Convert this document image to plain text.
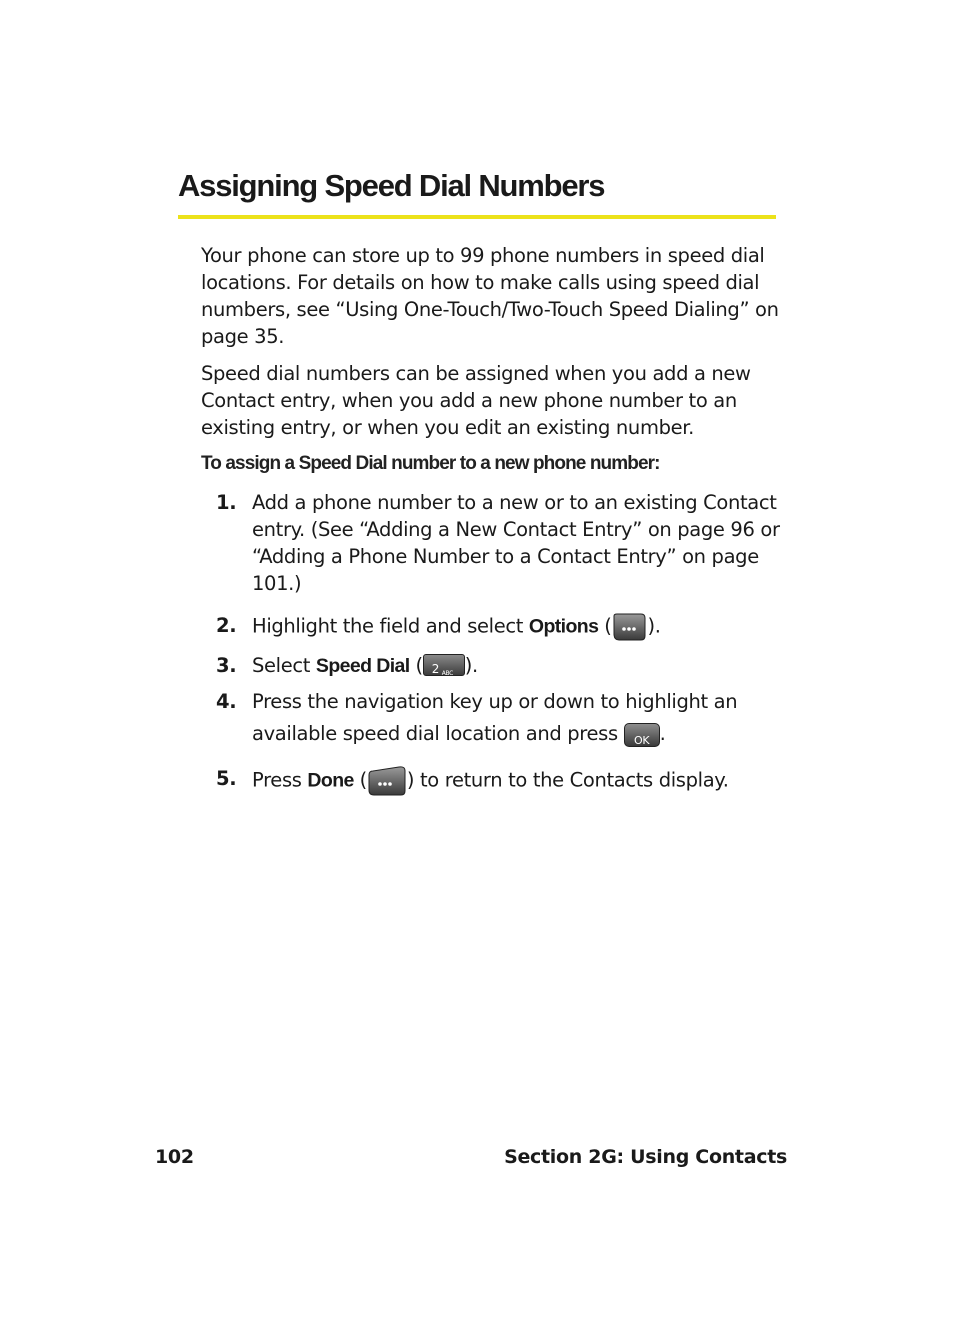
Assigning Speed Dial Numbers
Your phone can store up to 99 phone numbers in speed dial locations. For details on how to make calls using speed dial numbers, see “Using One-Touch/Two-Touch Speed Dialing” on page 35.
Speed dial numbers can be assigned when you add a new Contact entry, when you add a new phone number to an existing entry, or when you edit an existing number.
To assign a Speed Dial number to a new phone number:
1. Add a phone number to a new or to an existing Contact entry. (See “Adding a New Contact Entry” on page 96 or “Adding a Phone Number to a Contact Entry” on page 101.)
2. Highlight the field and select Options ( ).
3. Select Speed Dial ( 2 ABC ).
4. Press the navigation key up or down to highlight an
available speed dial location and press OK .
5. Press Done ( ) to return to the Contacts display.
102	Section 2G: Using Contacts
